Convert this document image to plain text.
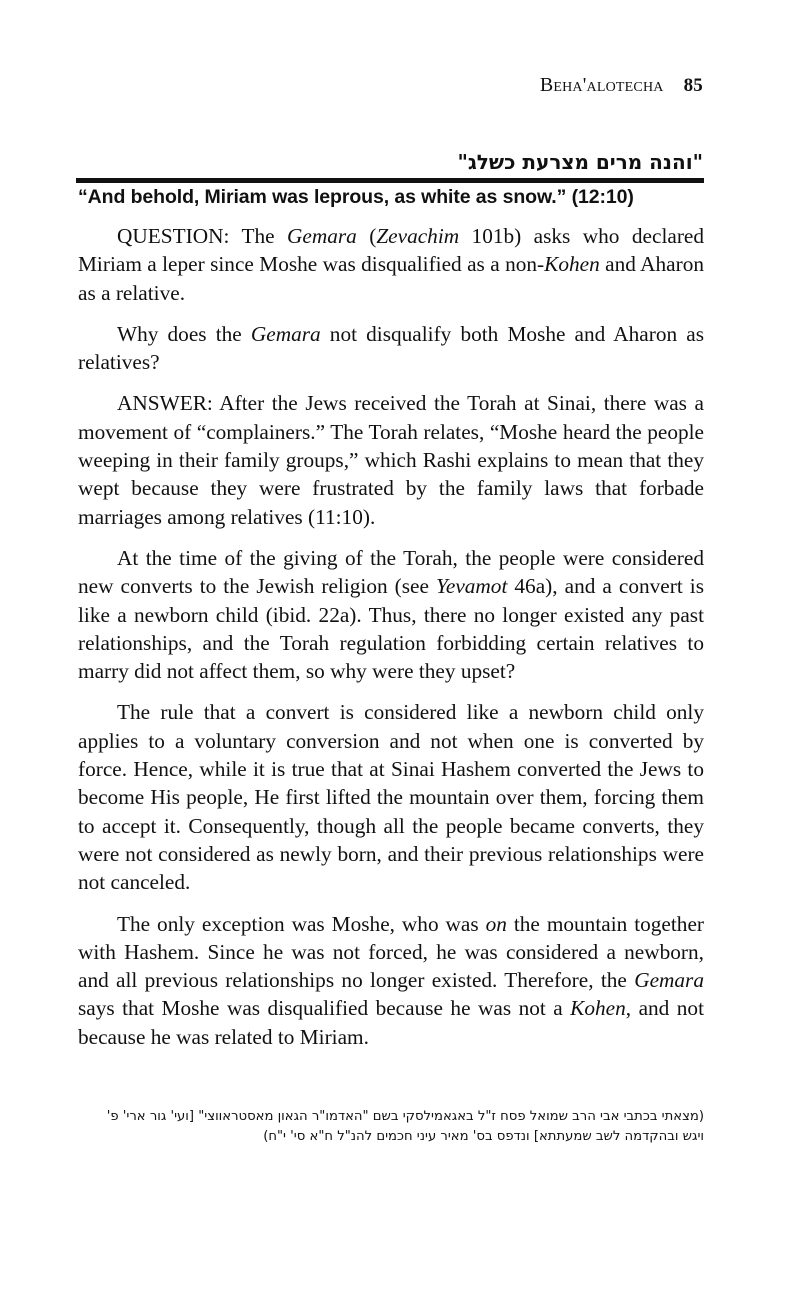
Beha'alotecha 85
"והנה מרים מצרעת כשלג"
“And behold, Miriam was leprous, as white as snow.” (12:10)

QUESTION: The Gemara (Zevachim 101b) asks who declared Miriam a leper since Moshe was disqualified as a non-Kohen and Aharon as a relative.

Why does the Gemara not disqualify both Moshe and Aharon as relatives?

ANSWER: After the Jews received the Torah at Sinai, there was a movement of “complainers.” The Torah relates, “Moshe heard the people weeping in their family groups,” which Rashi explains to mean that they wept because they were frustrated by the family laws that forbade marriages among relatives (11:10).

At the time of the giving of the Torah, the people were considered new converts to the Jewish religion (see Yevamot 46a), and a convert is like a newborn child (ibid. 22a). Thus, there no longer existed any past relationships, and the Torah regulation forbidding certain relatives to marry did not affect them, so why were they upset?

The rule that a convert is considered like a newborn child only applies to a voluntary conversion and not when one is converted by force. Hence, while it is true that at Sinai Hashem converted the Jews to become His people, He first lifted the mountain over them, forcing them to accept it. Consequently, though all the people became converts, they were not considered as newly born, and their previous relationships were not canceled.

The only exception was Moshe, who was on the mountain together with Hashem. Since he was not forced, he was considered a newborn, and all previous relationships no longer existed. Therefore, the Gemara says that Moshe was disqualified because he was not a Kohen, and not because he was related to Miriam.

(מצאתי בכתבי אבי הרב שמואל פסח ז"ל באגאמילסקי בשם "האדמו"ר הגאון מאסטראווצי" [ועי' גור ארי' פ' ויגש ובהקדמה לשב שמעתתא] ונדפס בס' מאיר עיני חכמים להנ"ל ח"א סי' י"ח)
